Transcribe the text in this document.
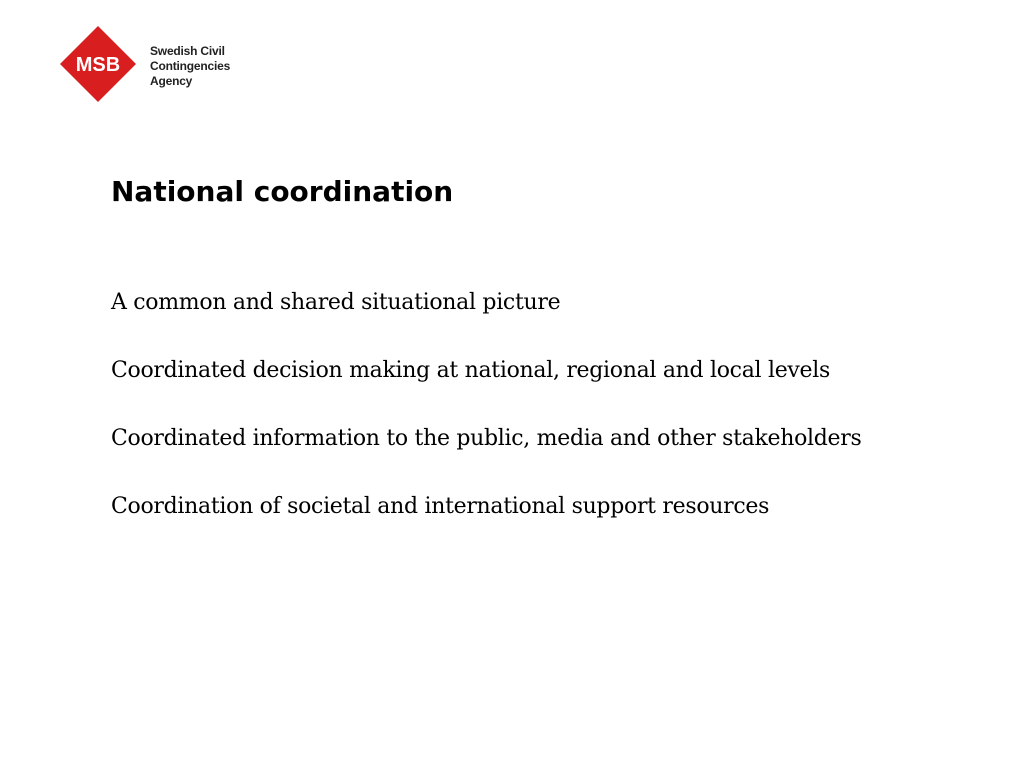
MSB
Swedish Civil
Contingencies
Agency
National coordination
A common and shared situational picture
Coordinated decision making at national, regional and local levels
Coordinated information to the public, media and other stakeholders
Coordination of societal and international support resources
